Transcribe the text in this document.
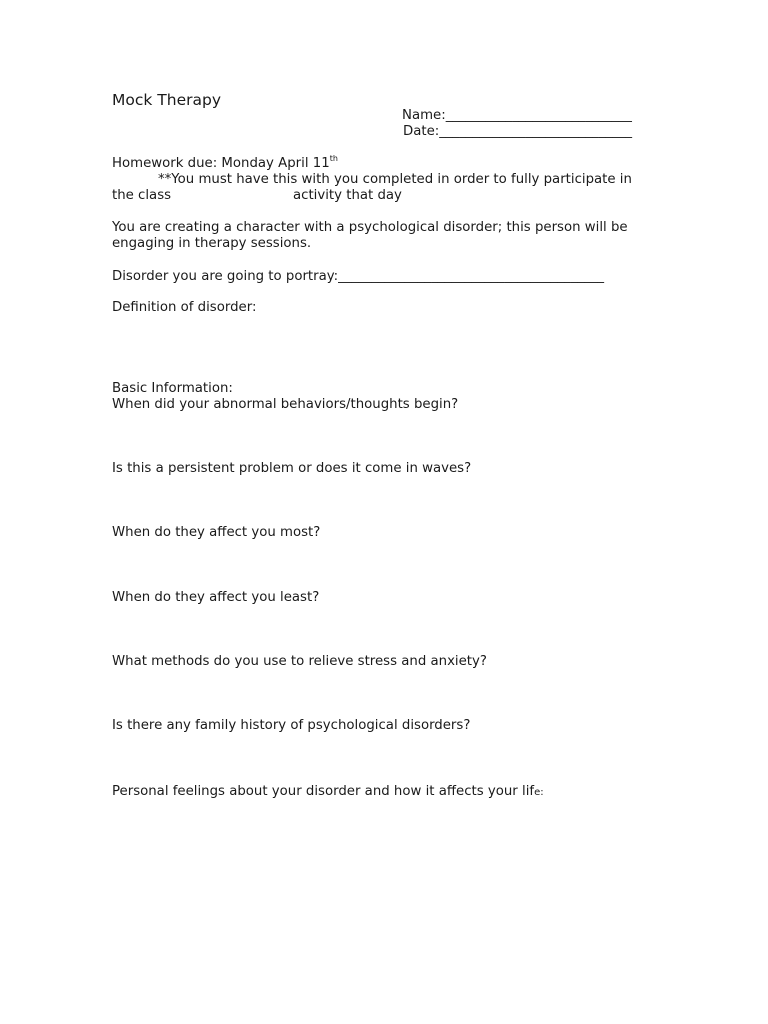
Mock Therapy
Name:____________________________
Date:_____________________________
Homework due: Monday April 11th
**You must have this with you completed in order to fully participate in
the class	activity that day
You are creating a character with a psychological disorder; this person will be
engaging in therapy sessions.
Disorder you are going to portray:________________________________________
Definition of disorder:
Basic Information:
When did your abnormal behaviors/thoughts begin?
Is this a persistent problem or does it come in waves?
When do they affect you most?
When do they affect you least?
What methods do you use to relieve stress and anxiety?
Is there any family history of psychological disorders?
Personal feelings about your disorder and how it affects your life:
